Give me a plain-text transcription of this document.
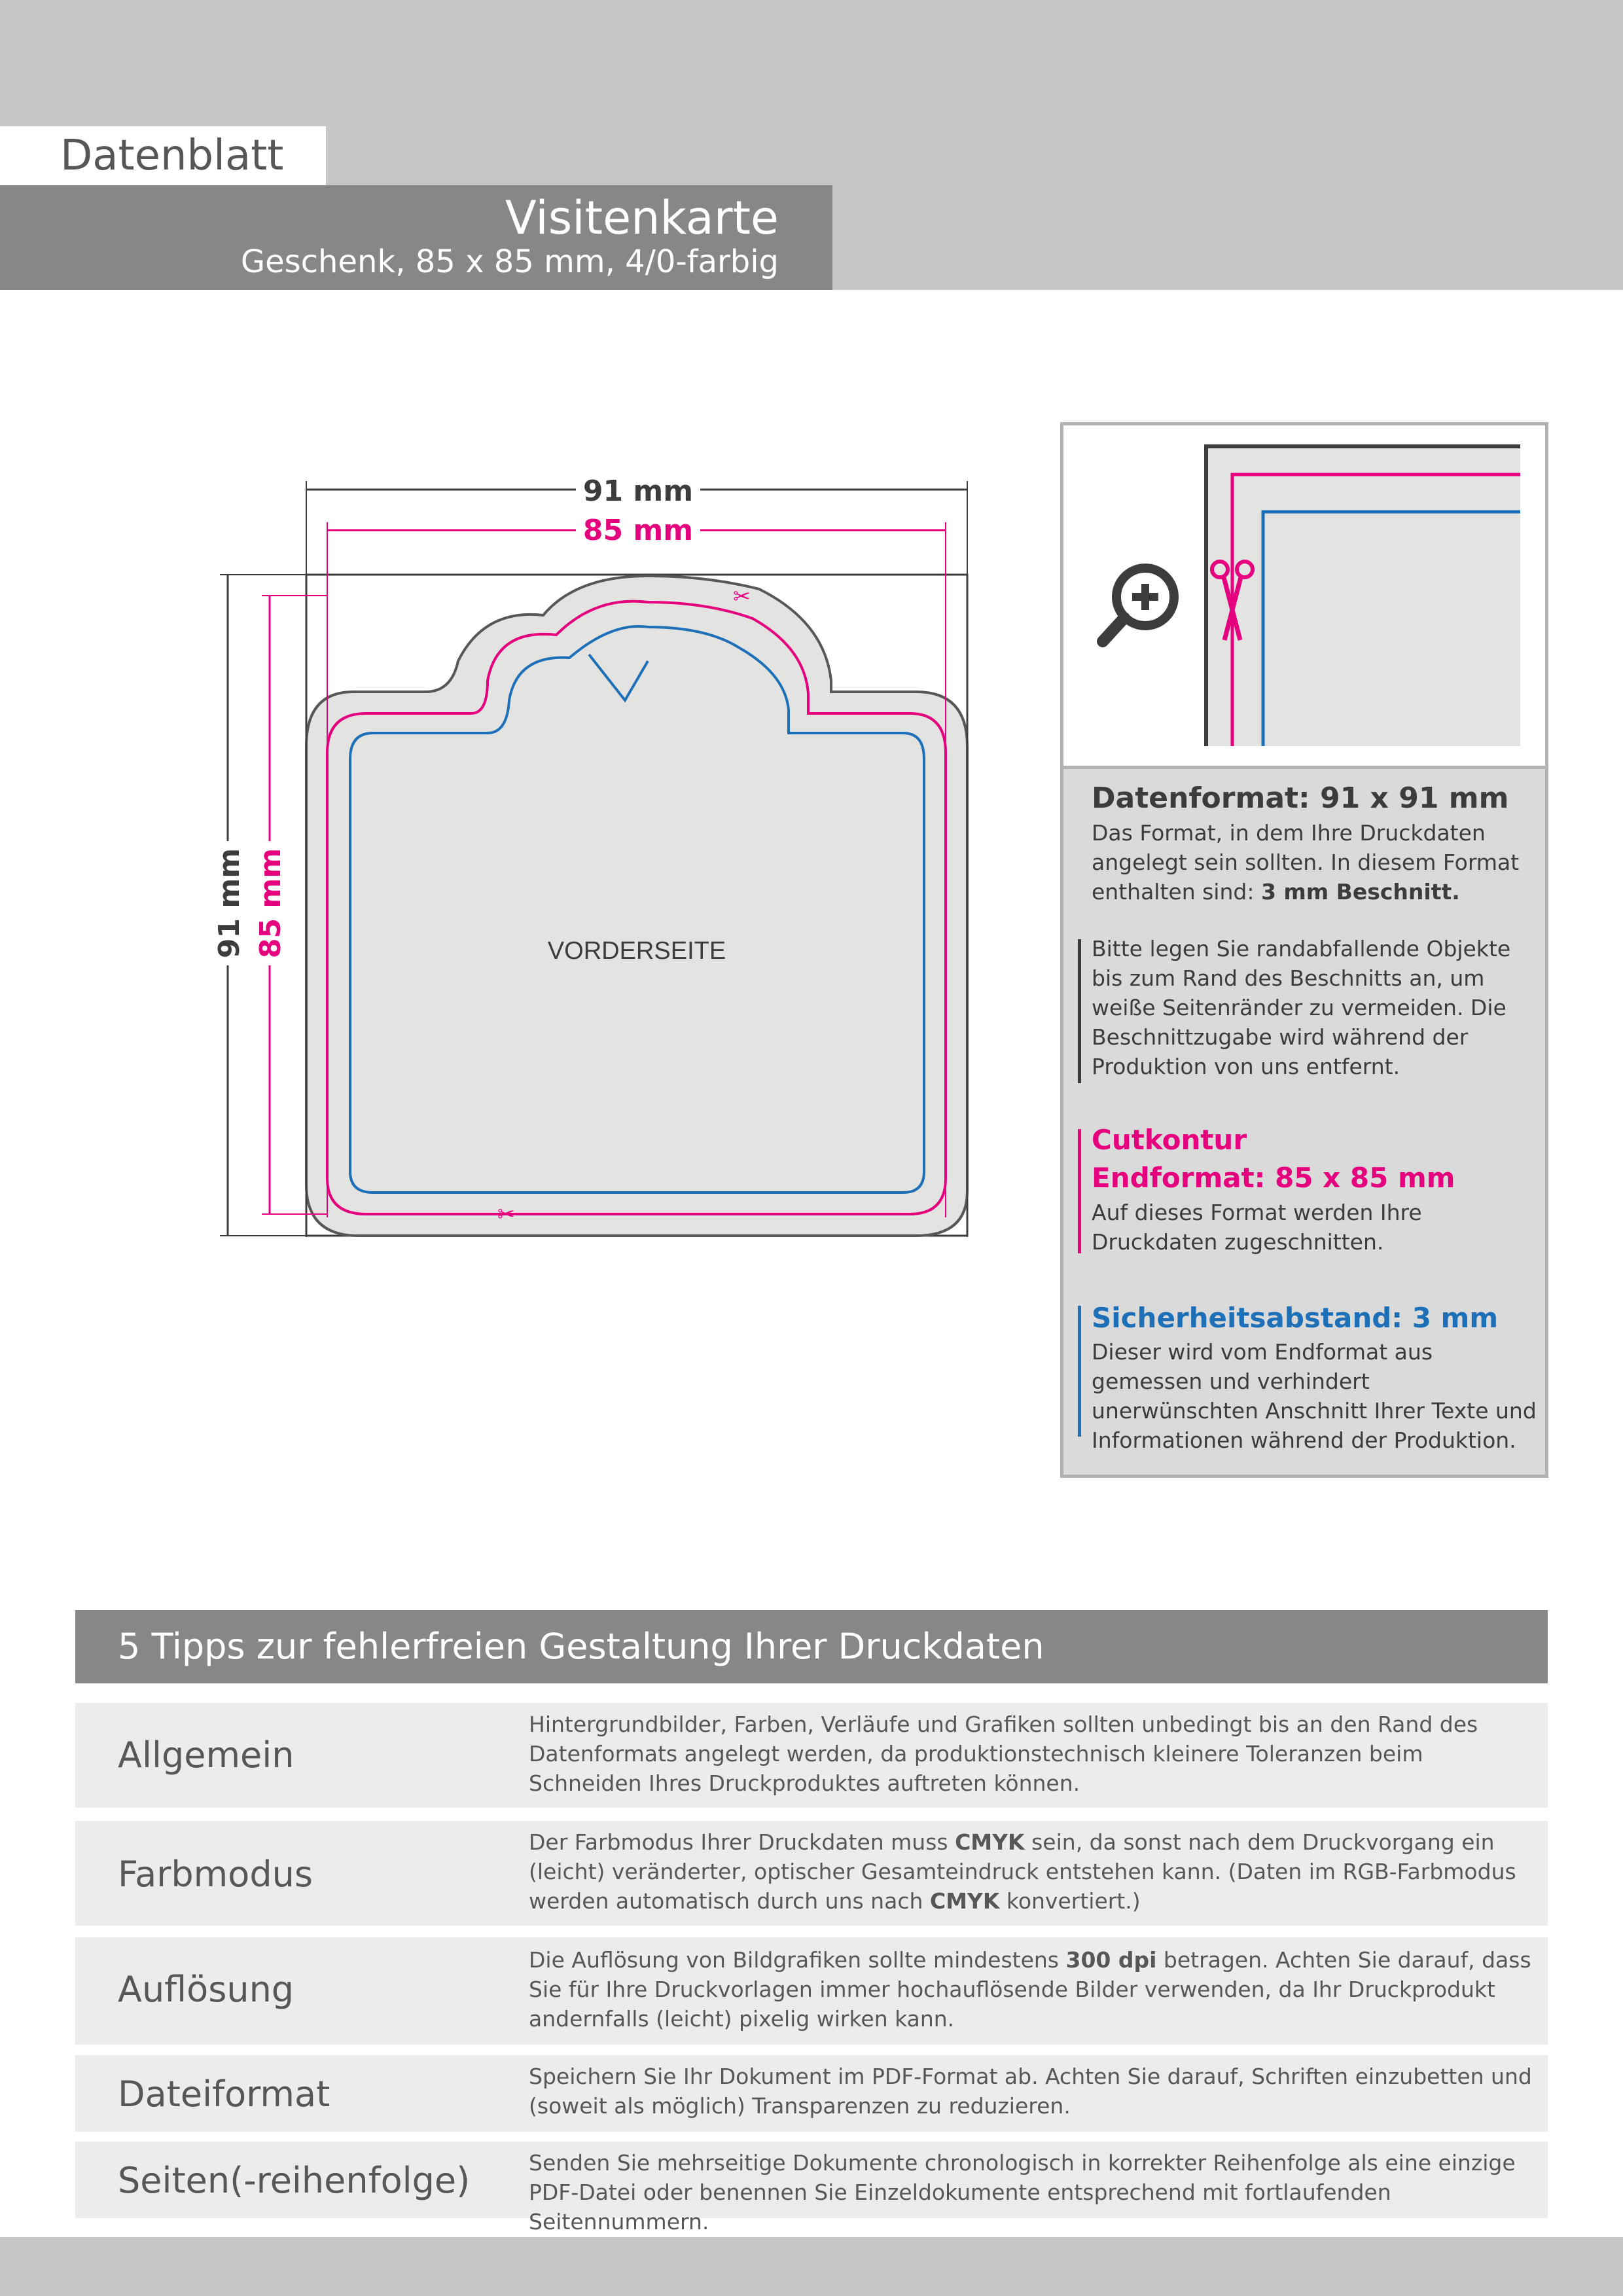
Datenblatt
Visitenkarte
Geschenk, 85 x 85 mm, 4/0-farbig
91 mm
85 mm
91 mm 85 mm
✂
✂
VORDERSEITE
Datenformat: 91 x 91 mm
Das Format, in dem Ihre Druckdaten angelegt sein sollten. In diesem Format enthalten sind: 3 mm Beschnitt.
Bitte legen Sie randabfallende Objekte bis zum Rand des Beschnitts an, um weiße Seitenränder zu vermeiden. Die Beschnittzugabe wird während der Produktion von uns entfernt.
Cutkontur
Endformat: 85 x 85 mm
Auf dieses Format werden Ihre Druckdaten zugeschnitten.
Sicherheitsabstand: 3 mm
Dieser wird vom Endformat aus gemessen und verhindert unerwünschten Anschnitt Ihrer Texte und Informationen während der Produktion.
5 Tipps zur fehlerfreien Gestaltung Ihrer Druckdaten
Allgemein
Hintergrundbilder, Farben, Verläufe und Grafiken sollten unbedingt bis an den Rand des Datenformats angelegt werden, da produktionstechnisch kleinere Toleranzen beim Schneiden Ihres Druckproduktes auftreten können.
Farbmodus
Der Farbmodus Ihrer Druckdaten muss CMYK sein, da sonst nach dem Druckvorgang ein (leicht) veränderter, optischer Gesamteindruck entstehen kann. (Daten im RGB-Farbmodus werden automatisch durch uns nach CMYK konvertiert.)
Auflösung
Die Auflösung von Bildgrafiken sollte mindestens 300 dpi betragen. Achten Sie darauf, dass Sie für Ihre Druckvorlagen immer hochauflösende Bilder verwenden, da Ihr Druckprodukt andernfalls (leicht) pixelig wirken kann.
Dateiformat	Speichern Sie Ihr Dokument im PDF-Format ab. Achten Sie darauf, Schriften einzubetten und (soweit als möglich) Transparenzen zu reduzieren.
Seiten(-reihenfolge)	Senden Sie mehrseitige Dokumente chronologisch in korrekter Reihenfolge als eine einzige PDF-Datei oder benennen Sie Einzeldokumente entsprechend mit fortlaufenden Seitennummern.
